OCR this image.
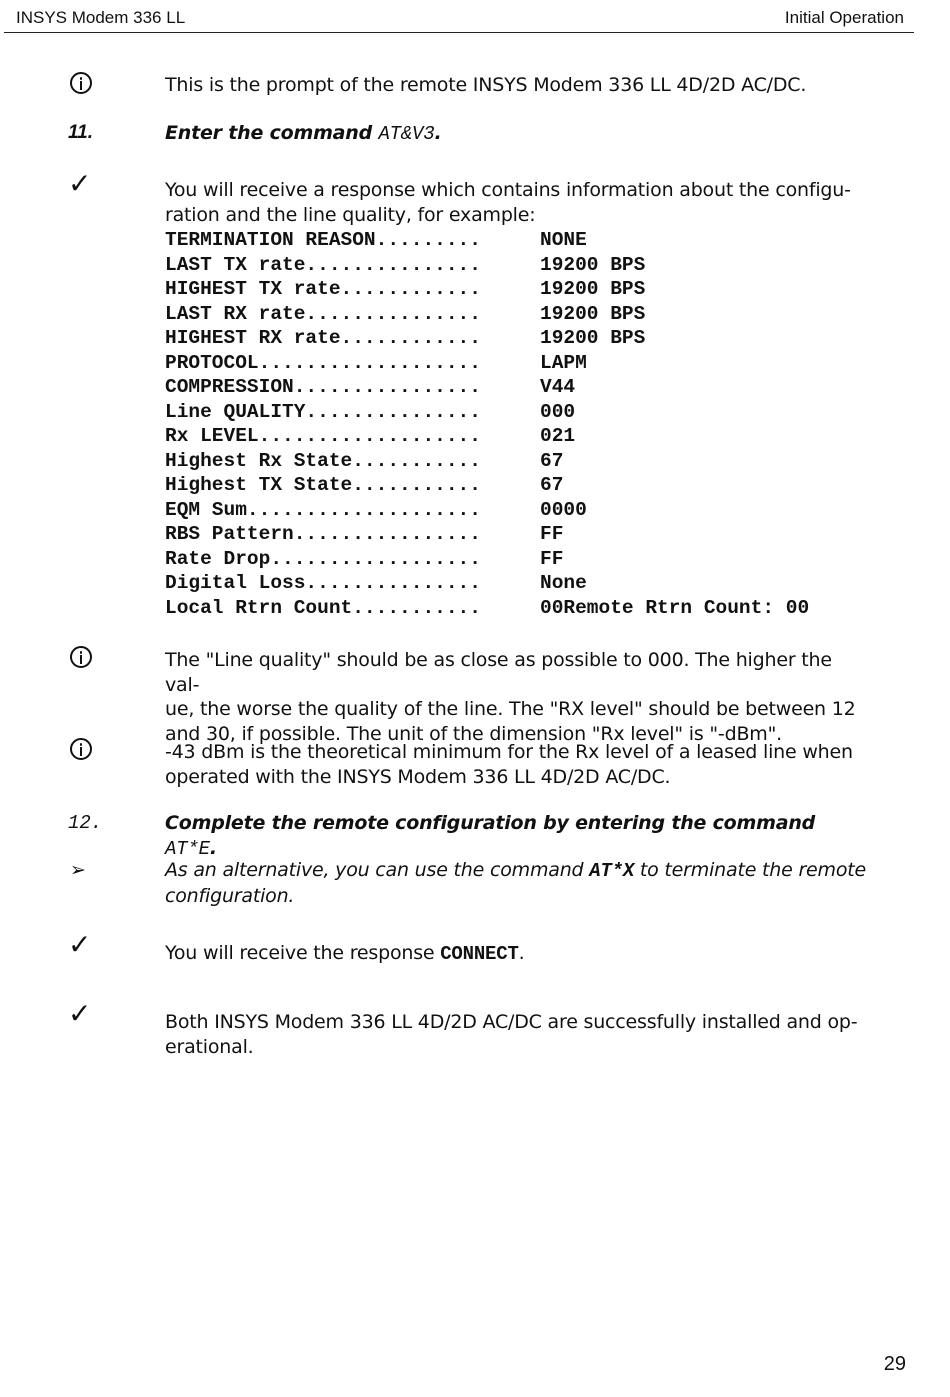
INSYS Modem 336 LL	Initial Operation
This is the prompt of the remote INSYS Modem 336 LL 4D/2D AC/DC.
11.	Enter the command AT&V3.
✓	You will receive a response which contains information about the configu-
ration and the line quality, for example:
TERMINATION REASON.........	NONE
LAST TX rate...............	19200 BPS
HIGHEST TX rate............	19200 BPS
LAST RX rate...............	19200 BPS
HIGHEST RX rate............	19200 BPS
PROTOCOL...................	LAPM
COMPRESSION................	V44
Line QUALITY...............	000
Rx LEVEL...................	021
Highest Rx State...........	67
Highest TX State...........	67
EQM Sum....................	0000
RBS Pattern................	FF
Rate Drop..................	FF
Digital Loss...............	None
Local Rtrn Count...........	00Remote Rtrn Count: 00
The "Line quality" should be as close as possible to 000. The higher the val-
ue, the worse the quality of the line. The "RX level" should be between 12
and 30, if possible. The unit of the dimension "Rx level" is "-dBm".
-43 dBm is the theoretical minimum for the Rx level of a leased line when
operated with the INSYS Modem 336 LL 4D/2D AC/DC.
12.	Complete the remote configuration by entering the command AT*E.
➢	As an alternative, you can use the command AT*X to terminate the remote
configuration.
✓	You will receive the response CONNECT.
✓	Both INSYS Modem 336 LL 4D/2D AC/DC are successfully installed and op-
erational.
29
